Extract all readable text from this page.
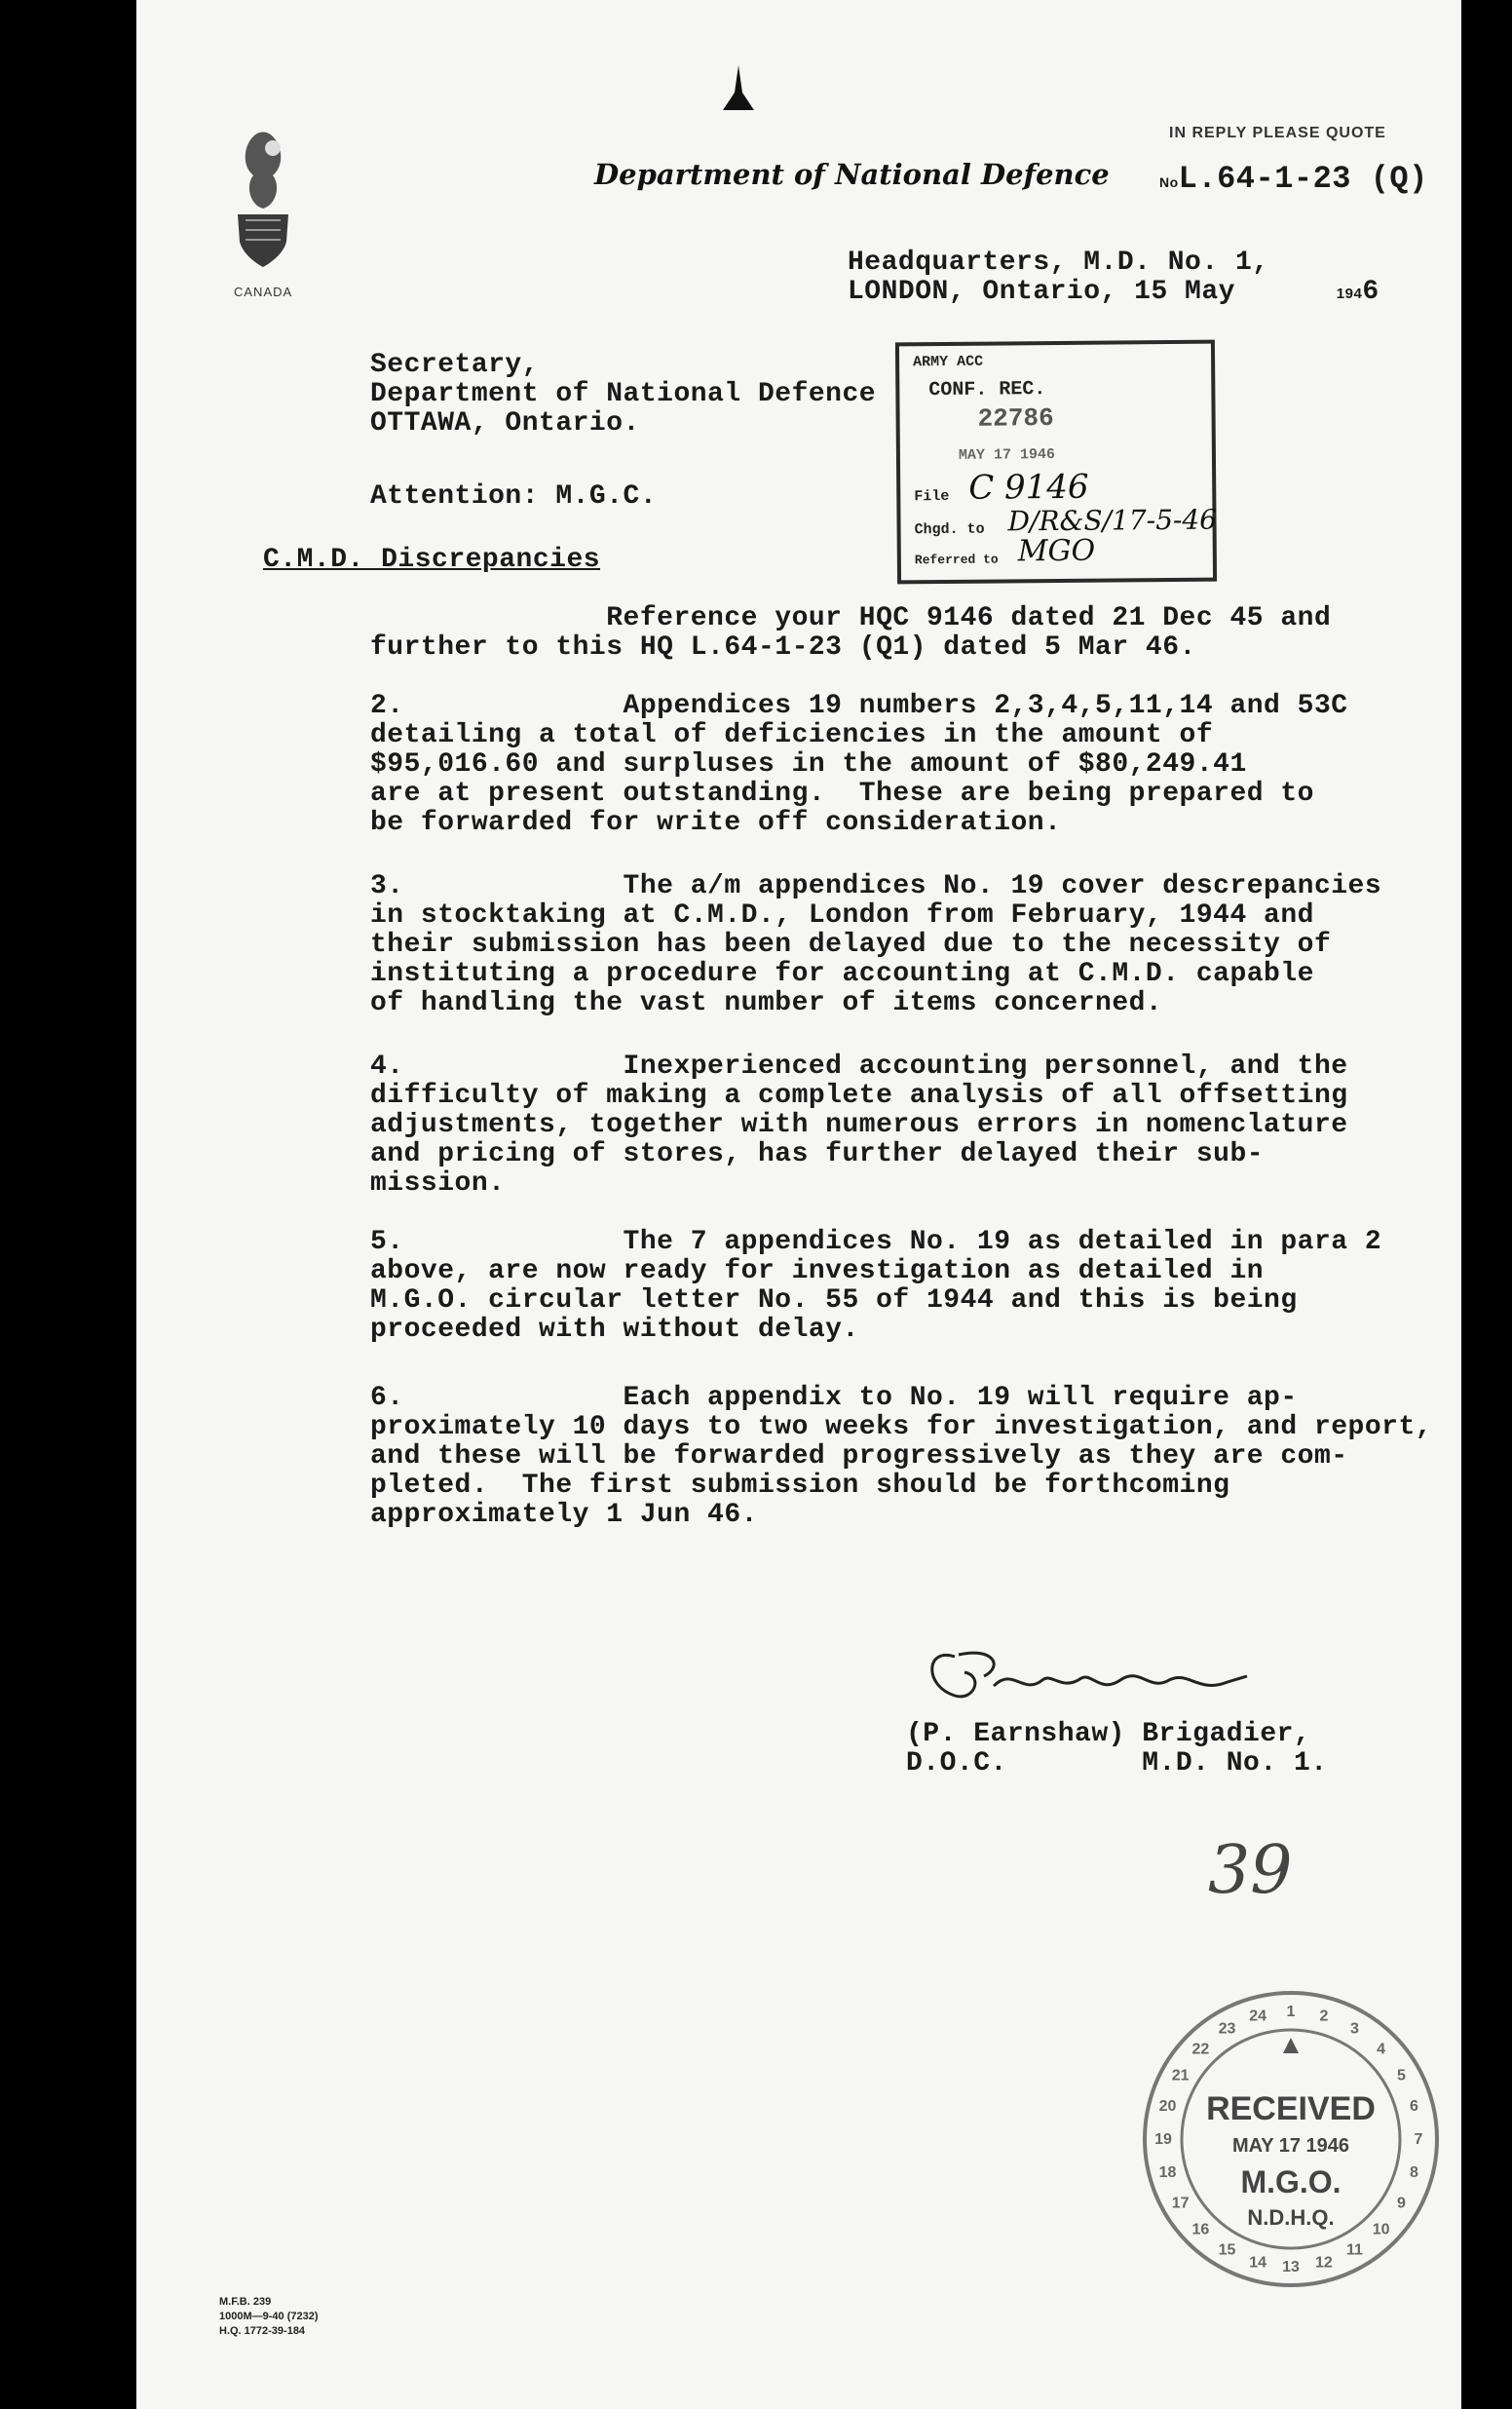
CANADA
Department of National Defence
IN REPLY PLEASE QUOTE
NoL.64-1-23 (Q)
Headquarters, M.D. No. 1,
LONDON, Ontario, 15 May	1946
Secretary,
Department of National Defence
OTTAWA, Ontario.
Attention: M.G.C.
C.M.D. Discrepancies
ARMY ACC
CONF. REC.
22786
MAY 17 1946
File C 9146
Chgd. to D/R&S/17-5-46
Referred to MGO

Reference your HQC 9146 dated 21 Dec 45 and

further to this HQ L.64-1-23 (Q1) dated 5 Mar 46.

2.             Appendices 19 numbers 2,3,4,5,11,14 and 53C

detailing a total of deficiencies in the amount of

$95,016.60 and surpluses in the amount of $80,249.41

are at present outstanding.  These are being prepared to

be forwarded for write off consideration.

3.             The a/m appendices No. 19 cover descrepancies

in stocktaking at C.M.D., London from February, 1944 and

their submission has been delayed due to the necessity of

instituting a procedure for accounting at C.M.D. capable

of handling the vast number of items concerned.

4.             Inexperienced accounting personnel, and the

difficulty of making a complete analysis of all offsetting

adjustments, together with numerous errors in nomenclature

and pricing of stores, has further delayed their sub-

mission.

5.             The 7 appendices No. 19 as detailed in para 2

above, are now ready for investigation as detailed in

M.G.O. circular letter No. 55 of 1944 and this is being

proceeded with without delay.

6.             Each appendix to No. 19 will require ap-

proximately 10 days to two weeks for investigation, and report,

and these will be forwarded progressively as they are com-

pleted.  The first submission should be forthcoming

approximately 1 Jun 46.

(P. Earnshaw) Brigadier,
D.O.C.        M.D. No. 1.
39
1 2
3
4
5
6
7
8
9
10
11
12
13
14
15
16
17
18
19
20
21
22
23
24
RECEIVED
MAY 17 1946
M.G.O.
N.D.H.Q.

M.F.B. 239

1000M—9-40 (7232)

H.Q. 1772-39-184
